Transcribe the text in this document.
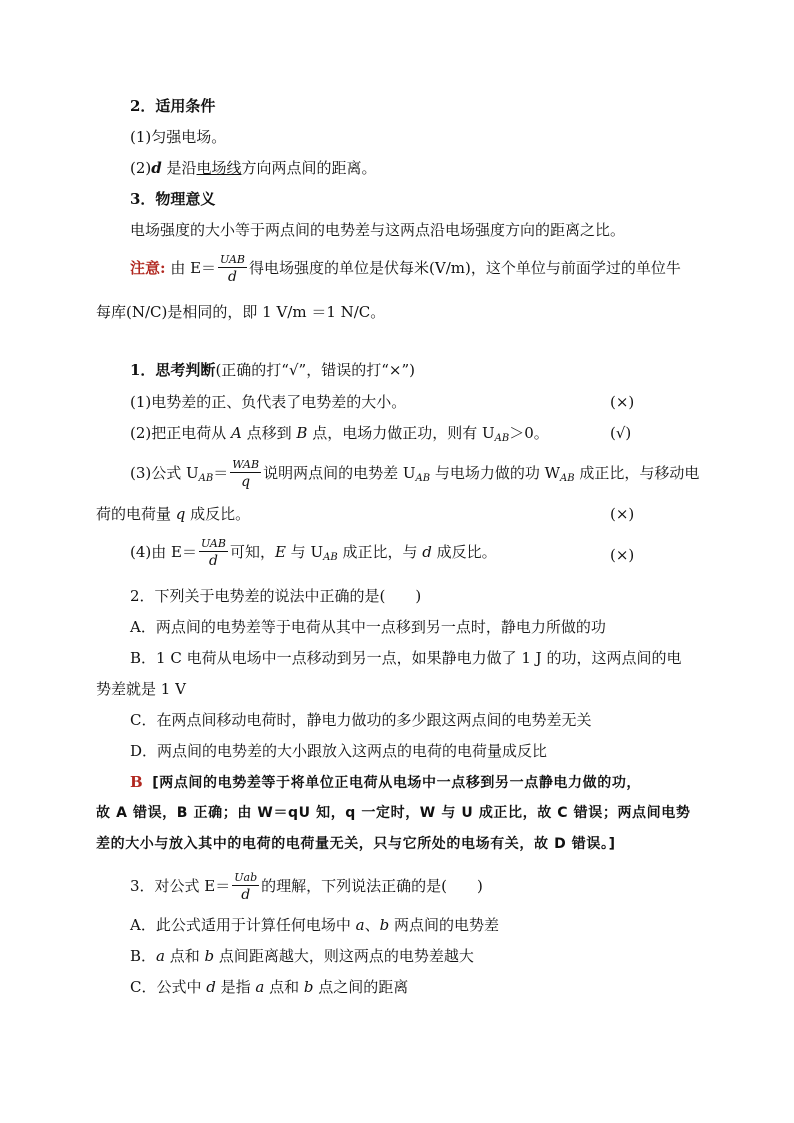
2．适用条件
(1)匀强电场。
(2)d 是沿电场线方向两点间的距离。
3．物理意义
电场强度的大小等于两点间的电势差与这两点沿电场强度方向的距离之比。
注意: 由 $E= \frac{\text{UAB}}{d}$ 得电场强度的单位是伏每米(V/m)，这个单位与前面学过的单位牛
每库(N/C)是相同的，即 1 V/m ＝1 N/C。
1．思考判断(正确的打“√”，错误的打“×”)
(1)电势差的正、负代表了电势差的大小。	(×)
(2)把正电荷从 A 点移到 B 点，电场力做正功，则有 $U_{AB}>0$。	(√)
(3)公式 $U_{AB}= \frac{\text{WAB}}{q}$ 说明两点间的电势差 $U_{AB}$ 与电场力做的功 $W_{AB}$ 成正比，与移动电
荷的电荷量 q 成反比。	(×)
(4)由 $E= \frac{\text{UAB}}{d}$ 可知，E 与 $U_{AB}$ 成正比，与 d 成反比。	(×)
2．下列关于电势差的说法中正确的是(　　)
A．两点间的电势差等于电荷从其中一点移到另一点时，静电力所做的功
B．1 C 电荷从电场中一点移动到另一点，如果静电力做了 1 J 的功，这两点间的电
势差就是 1 V
C．在两点间移动电荷时，静电力做功的多少跟这两点间的电势差无关
D．两点间的电势差的大小跟放入这两点的电荷的电荷量成反比
B [两点间的电势差等于将单位正电荷从电场中一点移到另一点静电力做的功，
故 A 错误，B 正确；由 W＝qU 知，q 一定时，W 与 U 成正比，故 C 错误；两点间电势
差的大小与放入其中的电荷的电荷量无关，只与它所处的电场有关，故 D 错误。]
3．对公式 $E= \frac{\text{Uab}}{d}$ 的理解，下列说法正确的是(　　)
A．此公式适用于计算任何电场中 a、b 两点间的电势差
B．a 点和 b 点间距离越大，则这两点的电势差越大
C．公式中 d 是指 a 点和 b 点之间的距离
